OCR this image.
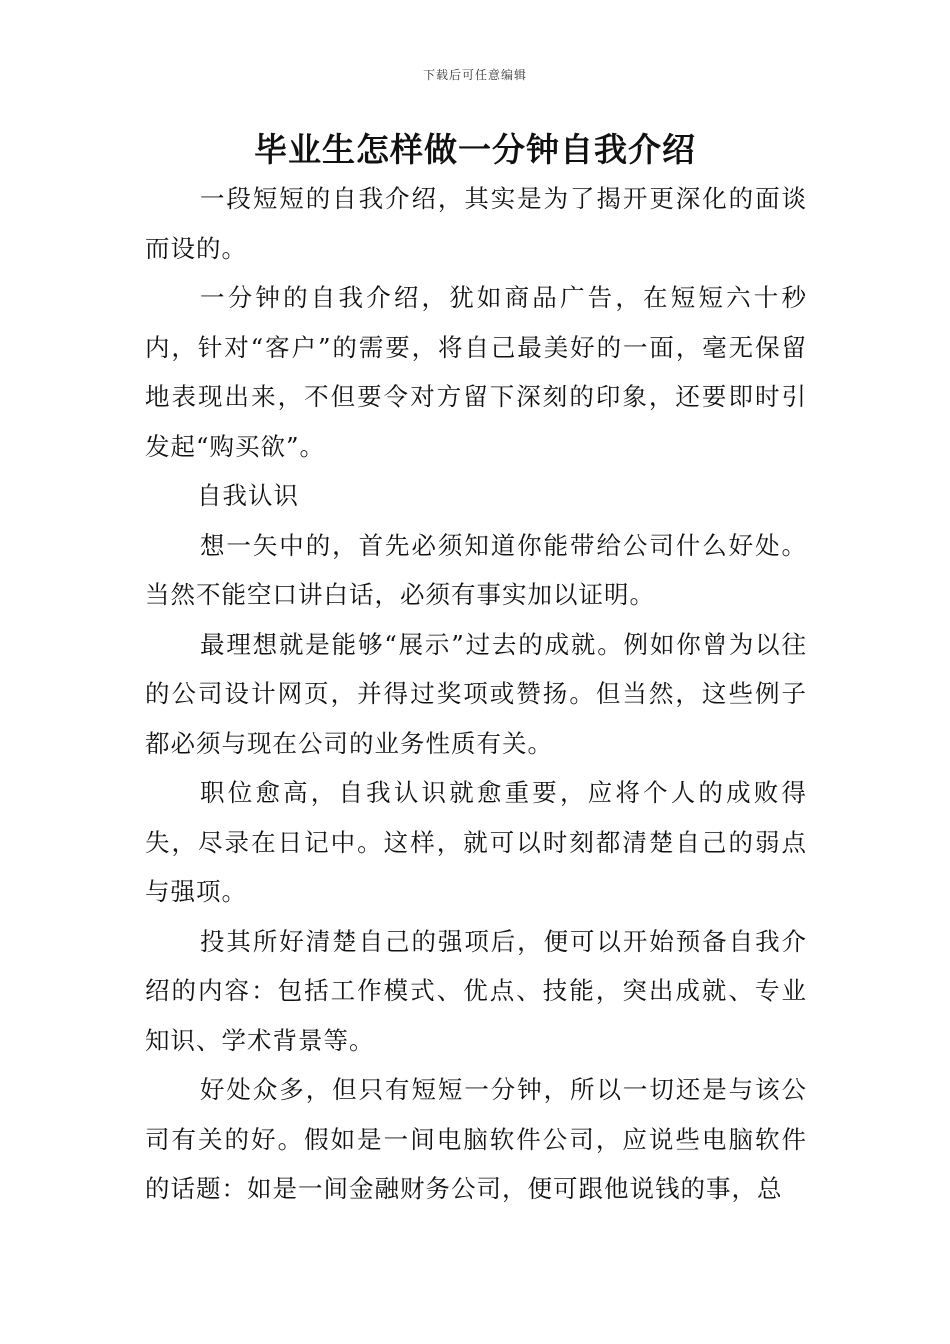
下载后可任意编辑
毕业生怎样做一分钟自我介绍

一段短短的自我介绍，其实是为了揭开更深化的面谈而设的。

一分钟的自我介绍，犹如商品广告，在短短六十秒内，针对“客户”的需要，将自己最美好的一面，毫无保留地表现出来，不但要令对方留下深刻的印象，还要即时引发起“购买欲”。

自我认识

想一矢中的，首先必须知道你能带给公司什么好处。当然不能空口讲白话，必须有事实加以证明。

最理想就是能够“展示”过去的成就。例如你曾为以往的公司设计网页，并得过奖项或赞扬。但当然，这些例子都必须与现在公司的业务性质有关。

职位愈高，自我认识就愈重要，应将个人的成败得失，尽录在日记中。这样，就可以时刻都清楚自己的弱点与强项。

投其所好清楚自己的强项后，便可以开始预备自我介绍的内容：包括工作模式、优点、技能，突出成就、专业知识、学术背景等。

好处众多，但只有短短一分钟，所以一切还是与该公司有关的好。假如是一间电脑软件公司，应说些电脑软件的话题：如是一间金融财务公司，便可跟他说钱的事，总
